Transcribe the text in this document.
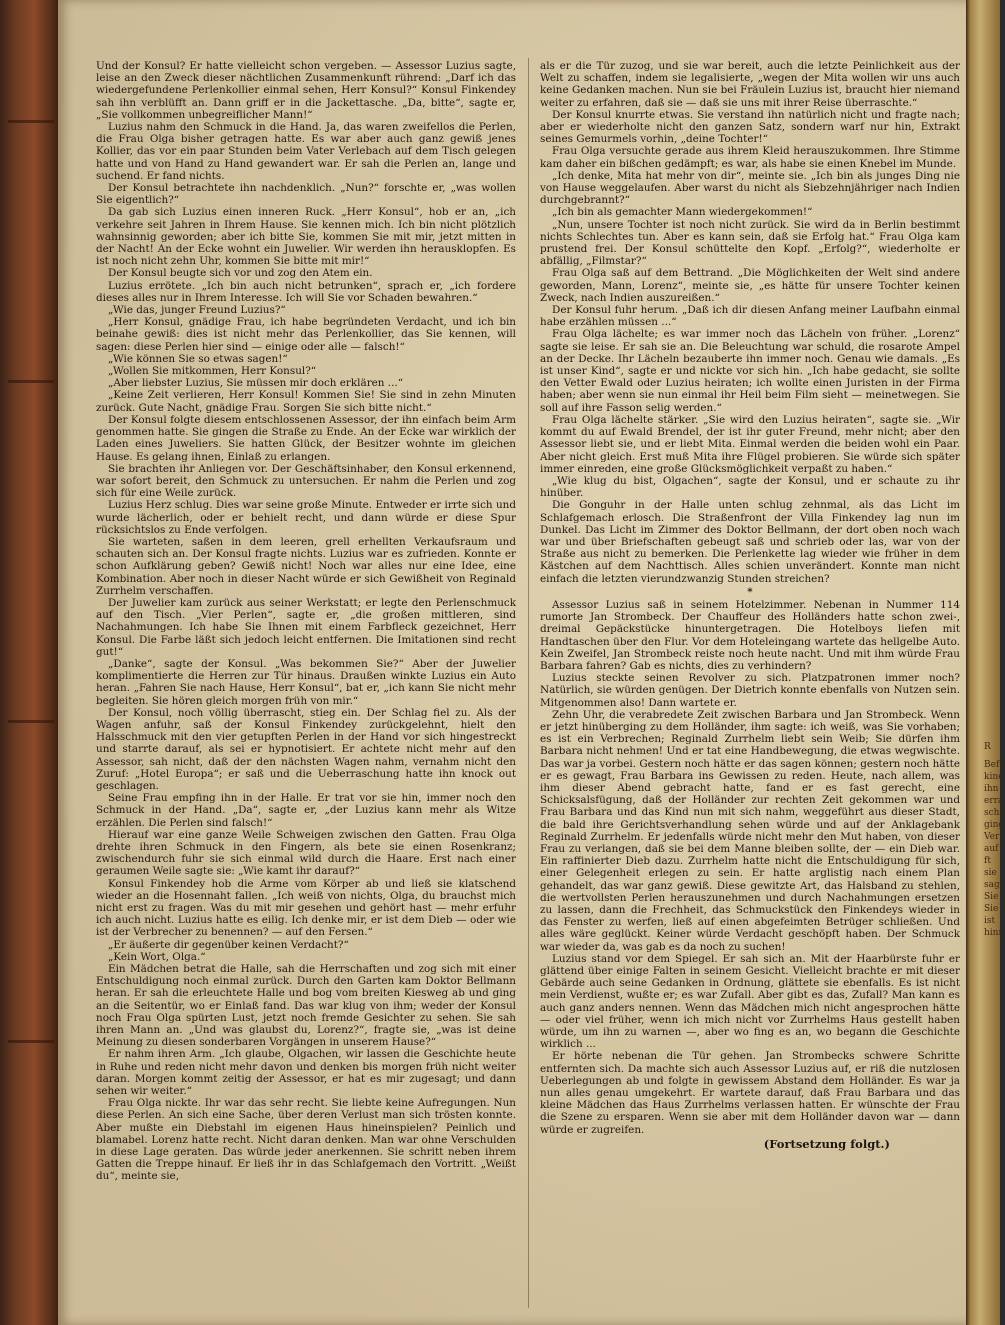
Und der Konsul? Er hatte vielleicht schon vergeben. — Assessor Luzius sagte, leise an den Zweck dieser nächtlichen Zusammenkunft rührend: „Darf ich das wiedergefundene Perlenkollier einmal sehen, Herr Konsul?“ Konsul Finkendey sah ihn verblüfft an. Dann griff er in die Jackettasche. „Da, bitte“, sagte er, „Sie vollkommen unbegreiflicher Mann!“

Luzius nahm den Schmuck in die Hand. Ja, das waren zweifellos die Perlen, die Frau Olga bisher getragen hatte. Es war aber auch ganz gewiß jenes Kollier, das vor ein paar Stunden beim Vater Verlebach auf dem Tisch gelegen hatte und von Hand zu Hand gewandert war. Er sah die Perlen an, lange und suchend. Er fand nichts.

Der Konsul betrachtete ihn nachdenklich. „Nun?“ forschte er, „was wollen Sie eigentlich?“

Da gab sich Luzius einen inneren Ruck. „Herr Konsul“, hob er an, „ich verkehre seit Jahren in Ihrem Hause. Sie kennen mich. Ich bin nicht plötzlich wahnsinnig geworden; aber ich bitte Sie, kommen Sie mit mir, jetzt mitten in der Nacht! An der Ecke wohnt ein Juwelier. Wir werden ihn herausklopfen. Es ist noch nicht zehn Uhr, kommen Sie bitte mit mir!“

Der Konsul beugte sich vor und zog den Atem ein.

Luzius errötete. „Ich bin auch nicht betrunken“, sprach er, „ich fordere dieses alles nur in Ihrem Interesse. Ich will Sie vor Schaden bewahren.“

„Wie das, junger Freund Luzius?“

„Herr Konsul, gnädige Frau, ich habe begründeten Verdacht, und ich bin beinahe gewiß: dies ist nicht mehr das Perlenkollier, das Sie kennen, will sagen: diese Perlen hier sind — einige oder alle — falsch!“

„Wie können Sie so etwas sagen!“

„Wollen Sie mitkommen, Herr Konsul?“

„Aber liebster Luzius, Sie müssen mir doch erklären ...“

„Keine Zeit verlieren, Herr Konsul! Kommen Sie! Sie sind in zehn Minuten zurück. Gute Nacht, gnädige Frau. Sorgen Sie sich bitte nicht.“

Der Konsul folgte diesem entschlossenen Assessor, der ihn einfach beim Arm genommen hatte. Sie gingen die Straße zu Ende. An der Ecke war wirklich der Laden eines Juweliers. Sie hatten Glück, der Besitzer wohnte im gleichen Hause. Es gelang ihnen, Einlaß zu erlangen.

Sie brachten ihr Anliegen vor. Der Geschäftsinhaber, den Konsul erkennend, war sofort bereit, den Schmuck zu untersuchen. Er nahm die Perlen und zog sich für eine Weile zurück.

Luzius Herz schlug. Dies war seine große Minute. Entweder er irrte sich und wurde lächerlich, oder er behielt recht, und dann würde er diese Spur rücksichtslos zu Ende verfolgen.

Sie warteten, saßen in dem leeren, grell erhellten Verkaufsraum und schauten sich an. Der Konsul fragte nichts. Luzius war es zufrieden. Konnte er schon Aufklärung geben? Gewiß nicht! Noch war alles nur eine Idee, eine Kombination. Aber noch in dieser Nacht würde er sich Gewißheit von Reginald Zurrhelm verschaffen.

Der Juwelier kam zurück aus seiner Werkstatt; er legte den Perlenschmuck auf den Tisch. „Vier Perlen“, sagte er, „die großen mittleren, sind Nachahmungen. Ich habe Sie Ihnen mit einem Farbfleck gezeichnet, Herr Konsul. Die Farbe läßt sich jedoch leicht entfernen. Die Imitationen sind recht gut!“

„Danke“, sagte der Konsul. „Was bekommen Sie?“ Aber der Juwelier komplimentierte die Herren zur Tür hinaus. Draußen winkte Luzius ein Auto heran. „Fahren Sie nach Hause, Herr Konsul“, bat er, „ich kann Sie nicht mehr begleiten. Sie hören gleich morgen früh von mir.“

Der Konsul, noch völlig überrascht, stieg ein. Der Schlag fiel zu. Als der Wagen anfuhr, saß der Konsul Finkendey zurückgelehnt, hielt den Halsschmuck mit den vier getupften Perlen in der Hand vor sich hingestreckt und starrte darauf, als sei er hypnotisiert. Er achtete nicht mehr auf den Assessor, sah nicht, daß der den nächsten Wagen nahm, vernahm nicht den Zuruf: „Hotel Europa“; er saß und die Ueberraschung hatte ihn knock out geschlagen.

Seine Frau empfing ihn in der Halle. Er trat vor sie hin, immer noch den Schmuck in der Hand. „Da“, sagte er, „der Luzius kann mehr als Witze erzählen. Die Perlen sind falsch!“

Hierauf war eine ganze Weile Schweigen zwischen den Gatten. Frau Olga drehte ihren Schmuck in den Fingern, als bete sie einen Rosenkranz; zwischendurch fuhr sie sich einmal wild durch die Haare. Erst nach einer geraumen Weile sagte sie: „Wie kamt ihr darauf?“

Konsul Finkendey hob die Arme vom Körper ab und ließ sie klatschend wieder an die Hosennaht fallen. „Ich weiß von nichts, Olga, du brauchst mich nicht erst zu fragen. Was du mit mir gesehen und gehört hast — mehr erfuhr ich auch nicht. Luzius hatte es eilig. Ich denke mir, er ist dem Dieb — oder wie ist der Verbrecher zu benennen? — auf den Fersen.“

„Er äußerte dir gegenüber keinen Verdacht?“

„Kein Wort, Olga.“

Ein Mädchen betrat die Halle, sah die Herrschaften und zog sich mit einer Entschuldigung noch einmal zurück. Durch den Garten kam Doktor Bellmann heran. Er sah die erleuchtete Halle und bog vom breiten Kiesweg ab und ging an die Seitentür, wo er Einlaß fand. Das war klug von ihm; weder der Konsul noch Frau Olga spürten Lust, jetzt noch fremde Gesichter zu sehen. Sie sah ihren Mann an. „Und was glaubst du, Lorenz?“, fragte sie, „was ist deine Meinung zu diesen sonderbaren Vorgängen in unserem Hause?“

Er nahm ihren Arm. „Ich glaube, Olgachen, wir lassen die Geschichte heute in Ruhe und reden nicht mehr davon und denken bis morgen früh nicht weiter daran. Morgen kommt zeitig der Assessor, er hat es mir zugesagt; und dann sehen wir weiter.“

Frau Olga nickte. Ihr war das sehr recht. Sie liebte keine Aufregungen. Nun diese Perlen. An sich eine Sache, über deren Verlust man sich trösten konnte. Aber mußte ein Diebstahl im eigenen Haus hineinspielen? Peinlich und blamabel. Lorenz hatte recht. Nicht daran denken. Man war ohne Verschulden in diese Lage geraten. Das würde jeder anerkennen. Sie schritt neben ihrem Gatten die Treppe hinauf. Er ließ ihr in das Schlafgemach den Vortritt. „Weißt du“, meinte sie,

als er die Tür zuzog, und sie war bereit, auch die letzte Peinlichkeit aus der Welt zu schaffen, indem sie legalisierte, „wegen der Mita wollen wir uns auch keine Gedanken machen. Nun sie bei Fräulein Luzius ist, braucht hier niemand weiter zu erfahren, daß sie — daß sie uns mit ihrer Reise überraschte.“

Der Konsul knurrte etwas. Sie verstand ihn natürlich nicht und fragte nach; aber er wiederholte nicht den ganzen Satz, sondern warf nur hin, Extrakt seines Gemurmels vorhin, „deine Tochter!“

Frau Olga versuchte gerade aus ihrem Kleid herauszukommen. Ihre Stimme kam daher ein bißchen gedämpft; es war, als habe sie einen Knebel im Munde.

„Ich denke, Mita hat mehr von dir“, meinte sie. „Ich bin als junges Ding nie von Hause weggelaufen. Aber warst du nicht als Siebzehnjähriger nach Indien durchgebrannt?“

„Ich bin als gemachter Mann wiedergekommen!“

„Nun, unsere Tochter ist noch nicht zurück. Sie wird da in Berlin bestimmt nichts Schlechtes tun. Aber es kann sein, daß sie Erfolg hat.“ Frau Olga kam prustend frei. Der Konsul schüttelte den Kopf. „Erfolg?“, wiederholte er abfällig, „Filmstar?“

Frau Olga saß auf dem Bettrand. „Die Möglichkeiten der Welt sind andere geworden, Mann, Lorenz“, meinte sie, „es hätte für unsere Tochter keinen Zweck, nach Indien auszureißen.“

Der Konsul fuhr herum. „Daß ich dir diesen Anfang meiner Laufbahn einmal habe erzählen müssen ...“

Frau Olga lächelte; es war immer noch das Lächeln von früher. „Lorenz“ sagte sie leise. Er sah sie an. Die Beleuchtung war schuld, die rosarote Ampel an der Decke. Ihr Lächeln bezauberte ihn immer noch. Genau wie damals. „Es ist unser Kind“, sagte er und nickte vor sich hin. „Ich habe gedacht, sie sollte den Vetter Ewald oder Luzius heiraten; ich wollte einen Juristen in der Firma haben; aber wenn sie nun einmal ihr Heil beim Film sieht — meinetwegen. Sie soll auf ihre Fasson selig werden.“

Frau Olga lächelte stärker. „Sie wird den Luzius heiraten“, sagte sie. „Wir kommt du auf Ewald Brendel, der ist ihr guter Freund, mehr nicht; aber den Assessor liebt sie, und er liebt Mita. Einmal werden die beiden wohl ein Paar. Aber nicht gleich. Erst muß Mita ihre Flügel probieren. Sie würde sich später immer einreden, eine große Glücksmöglichkeit verpaßt zu haben.“

„Wie klug du bist, Olgachen“, sagte der Konsul, und er schaute zu ihr hinüber.

Die Gonguhr in der Halle unten schlug zehnmal, als das Licht im Schlafgemach erlosch. Die Straßenfront der Villa Finkendey lag nun im Dunkel. Das Licht im Zimmer des Doktor Bellmann, der dort oben noch wach war und über Briefschaften gebeugt saß und schrieb oder las, war von der Straße aus nicht zu bemerken. Die Perlenkette lag wieder wie früher in dem Kästchen auf dem Nachttisch. Alles schien unverändert. Konnte man nicht einfach die letzten vierundzwanzig Stunden streichen?

*

Assessor Luzius saß in seinem Hotelzimmer. Nebenan in Nummer 114 rumorte Jan Strombeck. Der Chauffeur des Holländers hatte schon zwei-, dreimal Gepäckstücke hinuntergetragen. Die Hotelboys liefen mit Handtaschen über den Flur. Vor dem Hoteleingang wartete das hellgelbe Auto. Kein Zweifel, Jan Strombeck reiste noch heute nacht. Und mit ihm würde Frau Barbara fahren? Gab es nichts, dies zu verhindern?

Luzius steckte seinen Revolver zu sich. Platzpatronen immer noch? Natürlich, sie würden genügen. Der Dietrich konnte ebenfalls von Nutzen sein. Mitgenommen also! Dann wartete er.

Zehn Uhr, die verabredete Zeit zwischen Barbara und Jan Strombeck. Wenn er jetzt hinüberging zu dem Holländer, ihm sagte: ich weiß, was Sie vorhaben; es ist ein Verbrechen; Reginald Zurrhelm liebt sein Weib; Sie dürfen ihm Barbara nicht nehmen! Und er tat eine Handbewegung, die etwas wegwischte. Das war ja vorbei. Gestern noch hätte er das sagen können; gestern noch hätte er es gewagt, Frau Barbara ins Gewissen zu reden. Heute, nach allem, was ihm dieser Abend gebracht hatte, fand er es fast gerecht, eine Schicksalsfügung, daß der Holländer zur rechten Zeit gekommen war und Frau Barbara und das Kind nun mit sich nahm, weggeführt aus dieser Stadt, die bald ihre Gerichtsverhandlung sehen würde und auf der Anklagebank Reginald Zurrhelm. Er jedenfalls würde nicht mehr den Mut haben, von dieser Frau zu verlangen, daß sie bei dem Manne bleiben sollte, der — ein Dieb war. Ein raffinierter Dieb dazu. Zurrhelm hatte nicht die Entschuldigung für sich, einer Gelegenheit erlegen zu sein. Er hatte arglistig nach einem Plan gehandelt, das war ganz gewiß. Diese gewitzte Art, das Halsband zu stehlen, die wertvollsten Perlen herauszunehmen und durch Nachahmungen ersetzen zu lassen, dann die Frechheit, das Schmuckstück den Finkendeys wieder in das Fenster zu werfen, ließ auf einen abgefeimten Betrüger schließen. Und alles wäre geglückt. Keiner würde Verdacht geschöpft haben. Der Schmuck war wieder da, was gab es da noch zu suchen!

Luzius stand vor dem Spiegel. Er sah sich an. Mit der Haarbürste fuhr er glättend über einige Falten in seinem Gesicht. Vielleicht brachte er mit dieser Gebärde auch seine Gedanken in Ordnung, glättete sie ebenfalls. Es ist nicht mein Verdienst, wußte er; es war Zufall. Aber gibt es das, Zufall? Man kann es auch ganz anders nennen. Wenn das Mädchen mich nicht angesprochen hätte — oder viel früher, wenn ich mich nicht vor Zurrhelms Haus gestellt haben würde, um ihn zu warnen —, aber wo fing es an, wo begann die Geschichte wirklich ...

Er hörte nebenan die Tür gehen. Jan Strombecks schwere Schritte entfernten sich. Da machte sich auch Assessor Luzius auf, er riß die nutzlosen Ueberlegungen ab und folgte in gewissem Abstand dem Holländer. Es war ja nun alles genau umgekehrt. Er wartete darauf, daß Frau Barbara und das kleine Mädchen das Haus Zurrhelms verlassen hatten. Er wünschte der Frau die Szene zu ersparen. Wenn sie aber mit dem Holländer davon war — dann würde er zugreifen.

(Fortsetzung folgt.)
R
Befu
kine
ihn
erra
schn
ging
Ver
auf
ft
sie
sagt
Sie
Sie
ist
hinr
